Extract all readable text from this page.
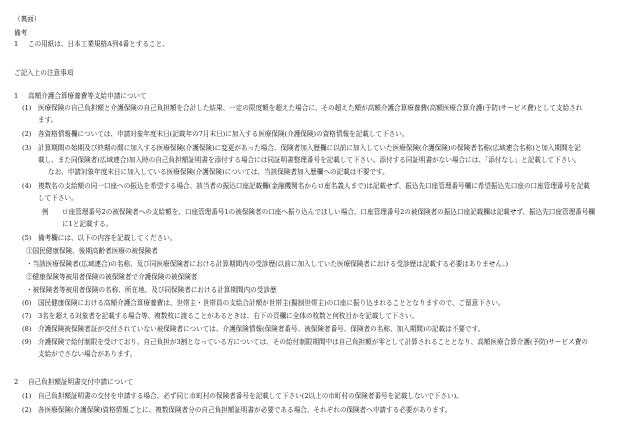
（裏面）
備考
1 この用紙は、日本工業規格A列4番とすること。
ご記入上の注意事項
1 高額介護合算療養費等支給申請について
(1) 医療保険の自己負担額と介護保険の自己負担額を合計した結果、一定の限度額を超えた場合に、その超えた額が高額介護合算療養費(高額医療合算介護(予防)サービス費)として支給され
ます。
(2) 各資格情報欄については、申請対象年度末日(記載年の7月末日)に加入する医療保険(介護保険)の資格情報を記載して下さい。
(3) 計算期間の始期及び終期の間に加入する医療保険(介護保険)に変更があった場合、保険者加入歴欄に以前に加入していた医療保険(介護保険)の保険者名称(広域連合名称)と加入期間を記
載し、また同保険者(広域連合)加入時の自己負担額証明書を添付する場合には同証明書整理番号を記載して下さい。添付する同証明書がない場合には、「添付なし」と記載して下さい。
なお、申請対象年度末日に加入している医療保険(介護保険)については、当該保険者加入歴欄への記載は不要です。
(4) 複数名の支給額の同一口座への振込を希望する場合、該当者の振込口座記載欄(金融機関名からロ座名義人まで)は記載せず、振込先口座管理番号欄に希望振込先口座の口座管理番号を記載
して下さい。
例 ロ座管理番号2の被保険者への支給額を、口座管理番号1の被保険者の口座へ振り込んでほしい場合、口座管理番号2の被保険者の振込口座記載欄は記載せず、振込先口座管理番号欄
に1と記載する。
(5) 備考欄には、以下の内容を記載してください。
①国民健康保険、後期高齢者医療の被保険者
・当該医療保険者(広域連合)の名称、及び同医療保険者における計算期間内の受診歴(以前に加入していた医療保険者における受診歴は記載する必要はありません。)
②健康保険等被用者保険の被保険者で介護保険の被保険者
・被保険者等被用者保険の名称、所在地、及び同保険者における計算期間内の受診歴
(6) 国民健康保険における高額介護合算療養費は、世帯主・世帯員の支給合計額が世帯主(擬制世帯主)の口座に振り込まれることとなりますので、ご留意下さい。
(7) 3名を超える対象者を記載する場合等、複数枚に渡ることがあるときは、右下の頁欄に全体の枚数と何枚目かを記載して下さい。
(8) 介護保険被保険者証が交付されていない被保険者については、介護保険情報(保険者番号、被保険者番号、保険者の名称、加入期間)の記載は不要です。
(9) 介護保険で給付制限を受けており、自己負担が3割となっている方については、その給付制限期間中は自己負担額が零として計算されることとなり、高額医療合算介護(予防)サービス費の
支給がでさない場合があります。
2 自己負担額証明書交付申請について
(1) 自己負担額証明書の交付を申請する場合、必ず同じ市町村の保険者番号を記載して下さい(2以上の市町村の保険者番号を記載しないで下さい)。
(2) 各医療保険(介護保険)資格情報ごとに、複数保険者分の自己負担額証明書が必要である場合、それぞれの保険者へ申請する必要があります。
